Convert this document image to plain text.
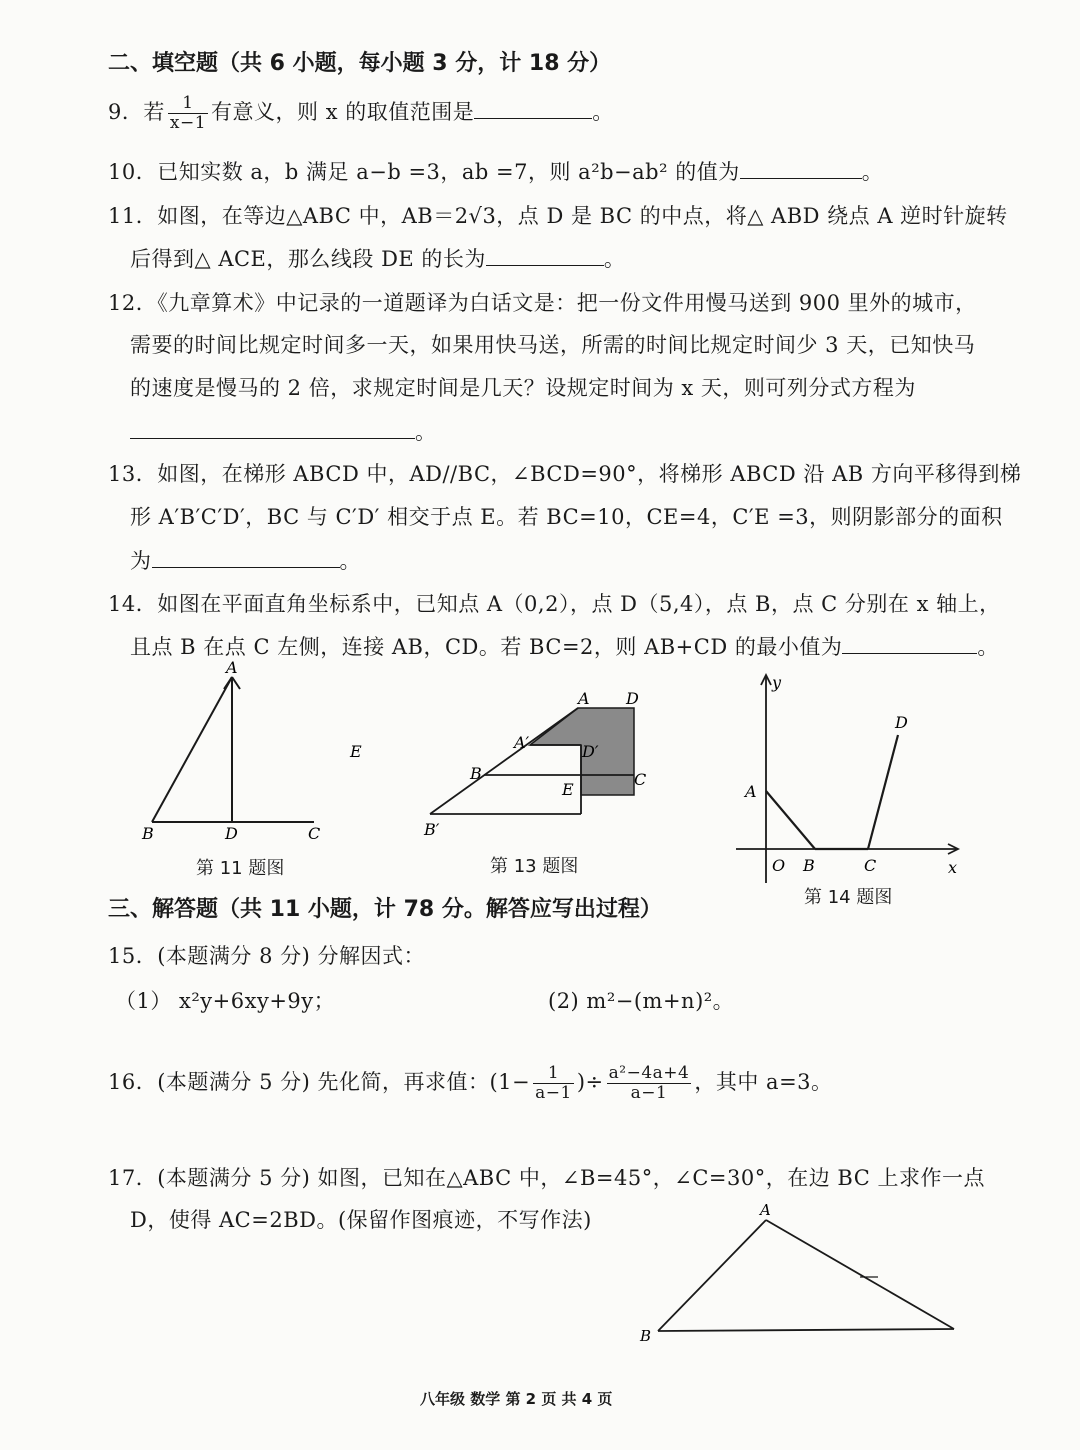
二、填空题（共 6 小题，每小题 3 分，计 18 分）
9．若 $\frac{1}{x-1}$ 有意义，则 x 的取值范围是	。
10．已知实数 a，b 满足 a−b =3，ab =7，则 a²b−ab² 的值为	。
11．如图，在等边△ABC 中，AB＝2√3，点 D 是 BC 的中点，将△ ABD 绕点 A 逆时针旋转
后得到△ ACE，那么线段 DE 的长为	。
12．《九章算术》中记录的一道题译为白话文是：把一份文件用慢马送到 900 里外的城市，
需要的时间比规定时间多一天，如果用快马送，所需的时间比规定时间少 3 天，已知快马
的速度是慢马的 2 倍，求规定时间是几天？设规定时间为 x 天，则可列分式方程为
。
13．如图，在梯形 ABCD 中，AD//BC，∠BCD=90°，将梯形 ABCD 沿 AB 方向平移得到梯
形 A′B′C′D′，BC 与 C′D′ 相交于点 E。若 BC=10，CE=4，C′E =3，则阴影部分的面积
为	。
14．如图在平面直角坐标系中，已知点 A（0,2），点 D（5,4），点 B，点 C 分别在 x 轴上，
且点 B 在点 C 左侧，连接 AB，CD。若 BC=2，则 AB+CD 的最小值为	。
A
B	D	C
E
A D
A′	D′
B	C
E
B′
y
A
D
O B	C	x
第 11 题图	第 13 题图
第 14 题图
三、解答题（共 11 小题，计 78 分。解答应写出过程）
15．(本题满分 8 分) 分解因式：
（1） x²y+6xy+9y；	(2) m²−(m+n)²。
16．(本题满分 5 分) 先化简，再求值：($1- \frac{1}{a-1}$ )÷ $\frac{\text{a²−4a+4}}{a-1}$ ，其中 a=3。
17．(本题满分 5 分) 如图，已知在△ABC 中，∠B=45°，∠C=30°，在边 BC 上求作一点
D，使得 AC=2BD。(保留作图痕迹，不写作法)	A
B
八年级 数学 第 2 页 共 4 页
